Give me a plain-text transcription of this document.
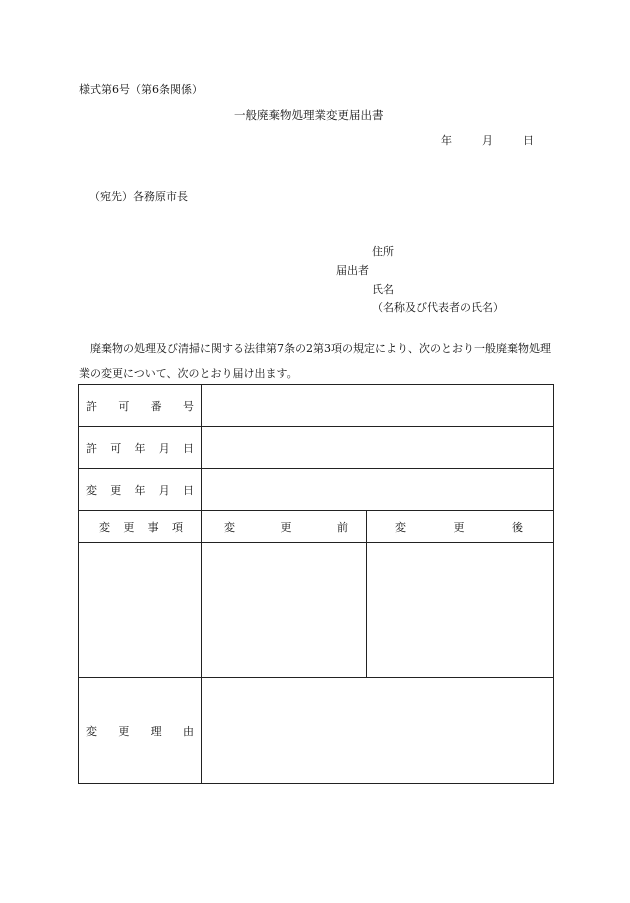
様式第6号（第6条関係）
一般廃棄物処理業変更届出書
年	月	日
（宛先）各務原市長
住所
届出者
氏名
（名称及び代表者の氏名）
廃棄物の処理及び清掃に関する法律第7条の2第3項の規定により、次のとおり一般廃棄物処理業の変更について、次のとおり届け出ます。
許 可 番 号		

許 可 年 月 日		

変 更 年 月 日		

変 更 事 項	変 更 前	変 更 後

変 更 理 由		
